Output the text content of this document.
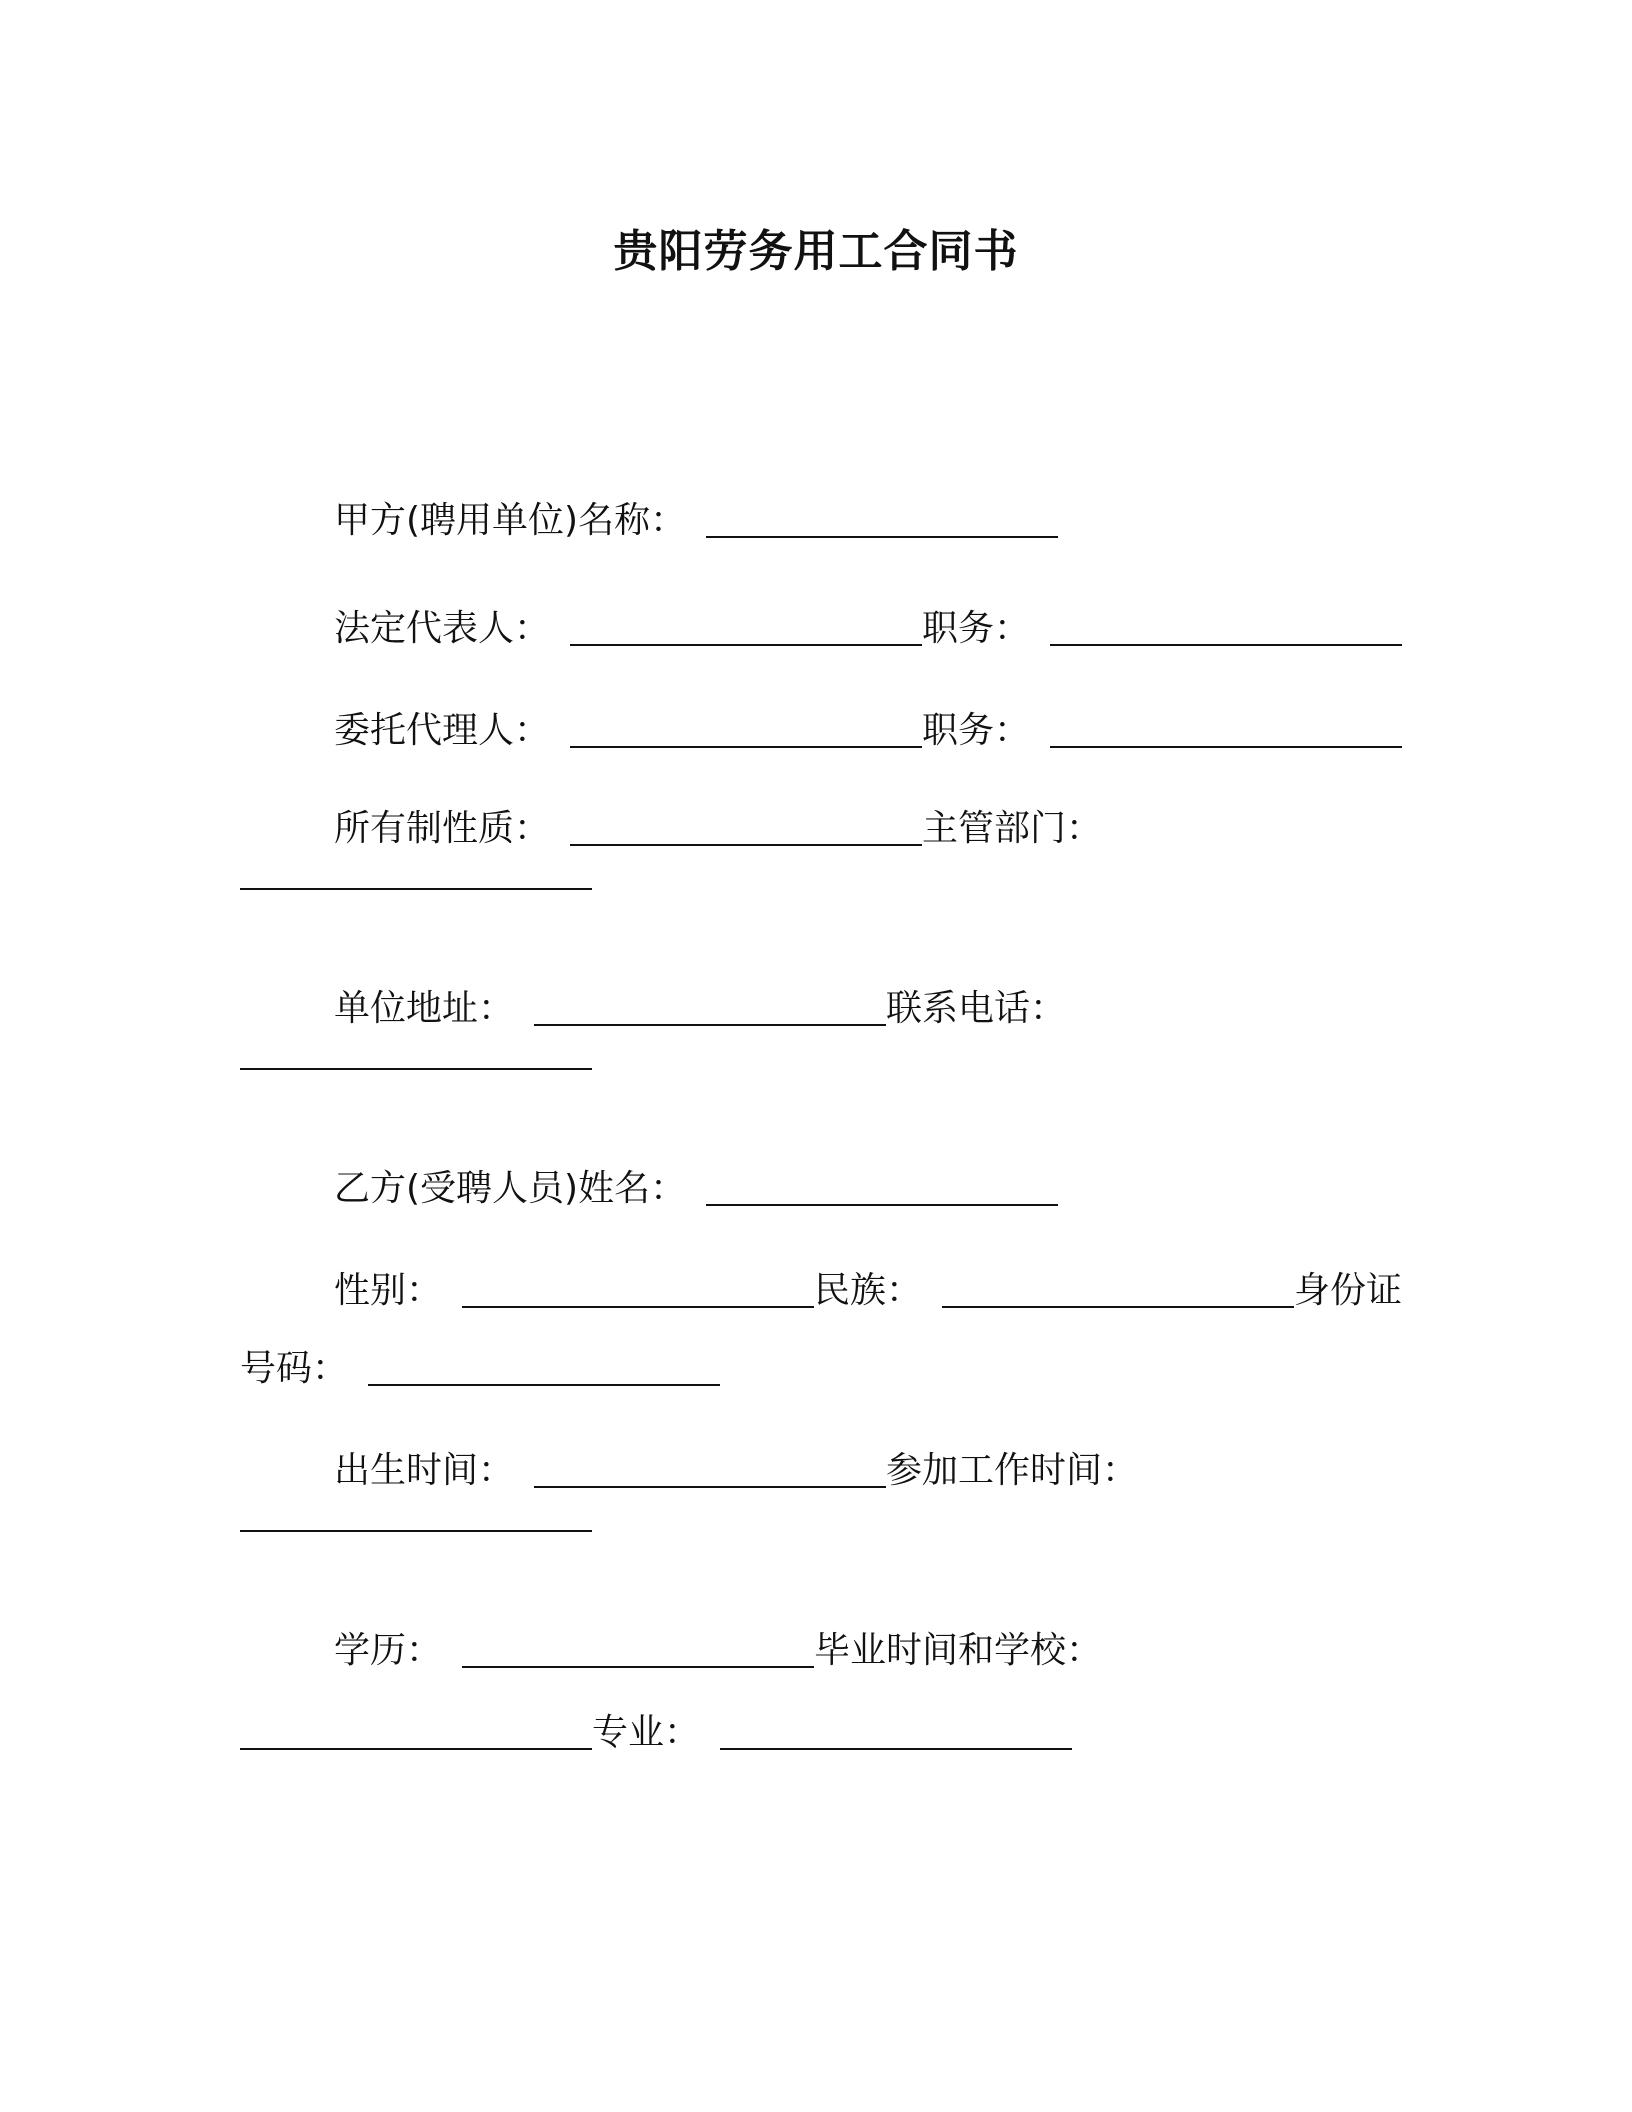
贵阳劳务用工合同书
甲方(聘用单位)名称：
法定代表人：	职务：
委托代理人：	职务：
所有制性质：	主管部门：
单位地址：	联系电话：
乙方(受聘人员)姓名：
性别：	民族：	身份证
号码：
出生时间：	参加工作时间：
学历：	毕业时间和学校：
专业：
